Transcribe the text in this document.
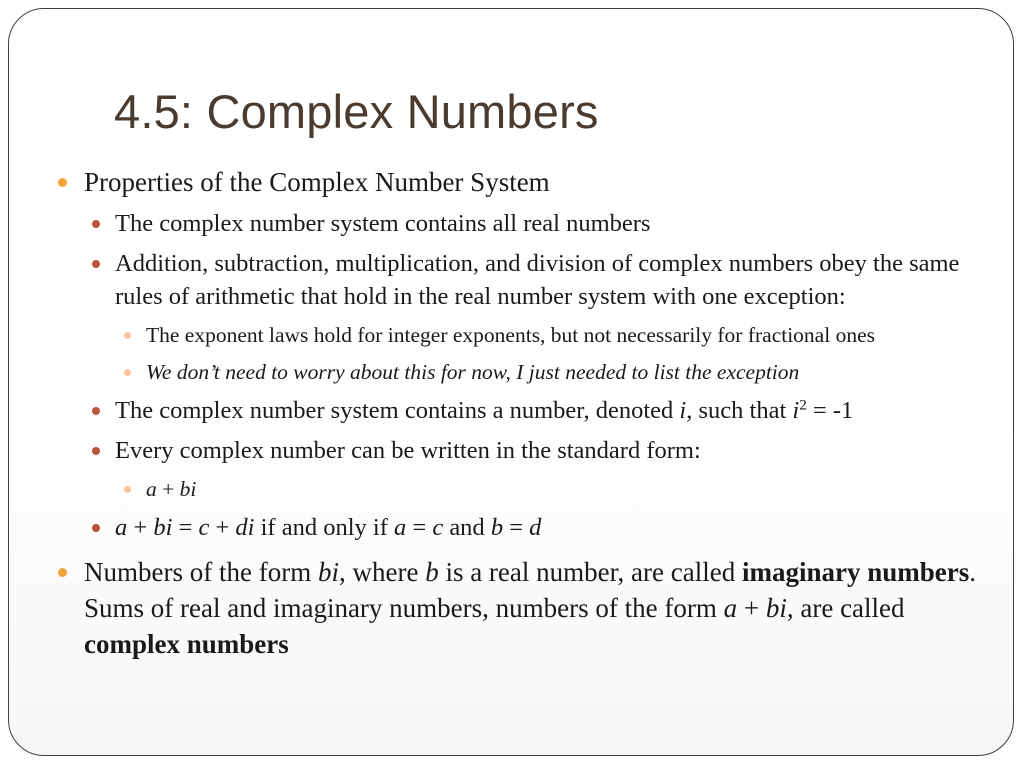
4.5: Complex Numbers
Properties of the Complex Number System
The complex number system contains all real numbers
Addition, subtraction, multiplication, and division of complex numbers obey the same rules of arithmetic that hold in the real number system with one exception:
The exponent laws hold for integer exponents, but not necessarily for fractional ones
We don’t need to worry about this for now, I just needed to list the exception
The complex number system contains a number, denoted i, such that $i^2 = -1$
Every complex number can be written in the standard form:
a + bi
a + bi = c + di if and only if a = c and b = d
Numbers of the form bi, where b is a real number, are called imaginary numbers. Sums of real and imaginary numbers, numbers of the form a + bi, are called complex numbers
